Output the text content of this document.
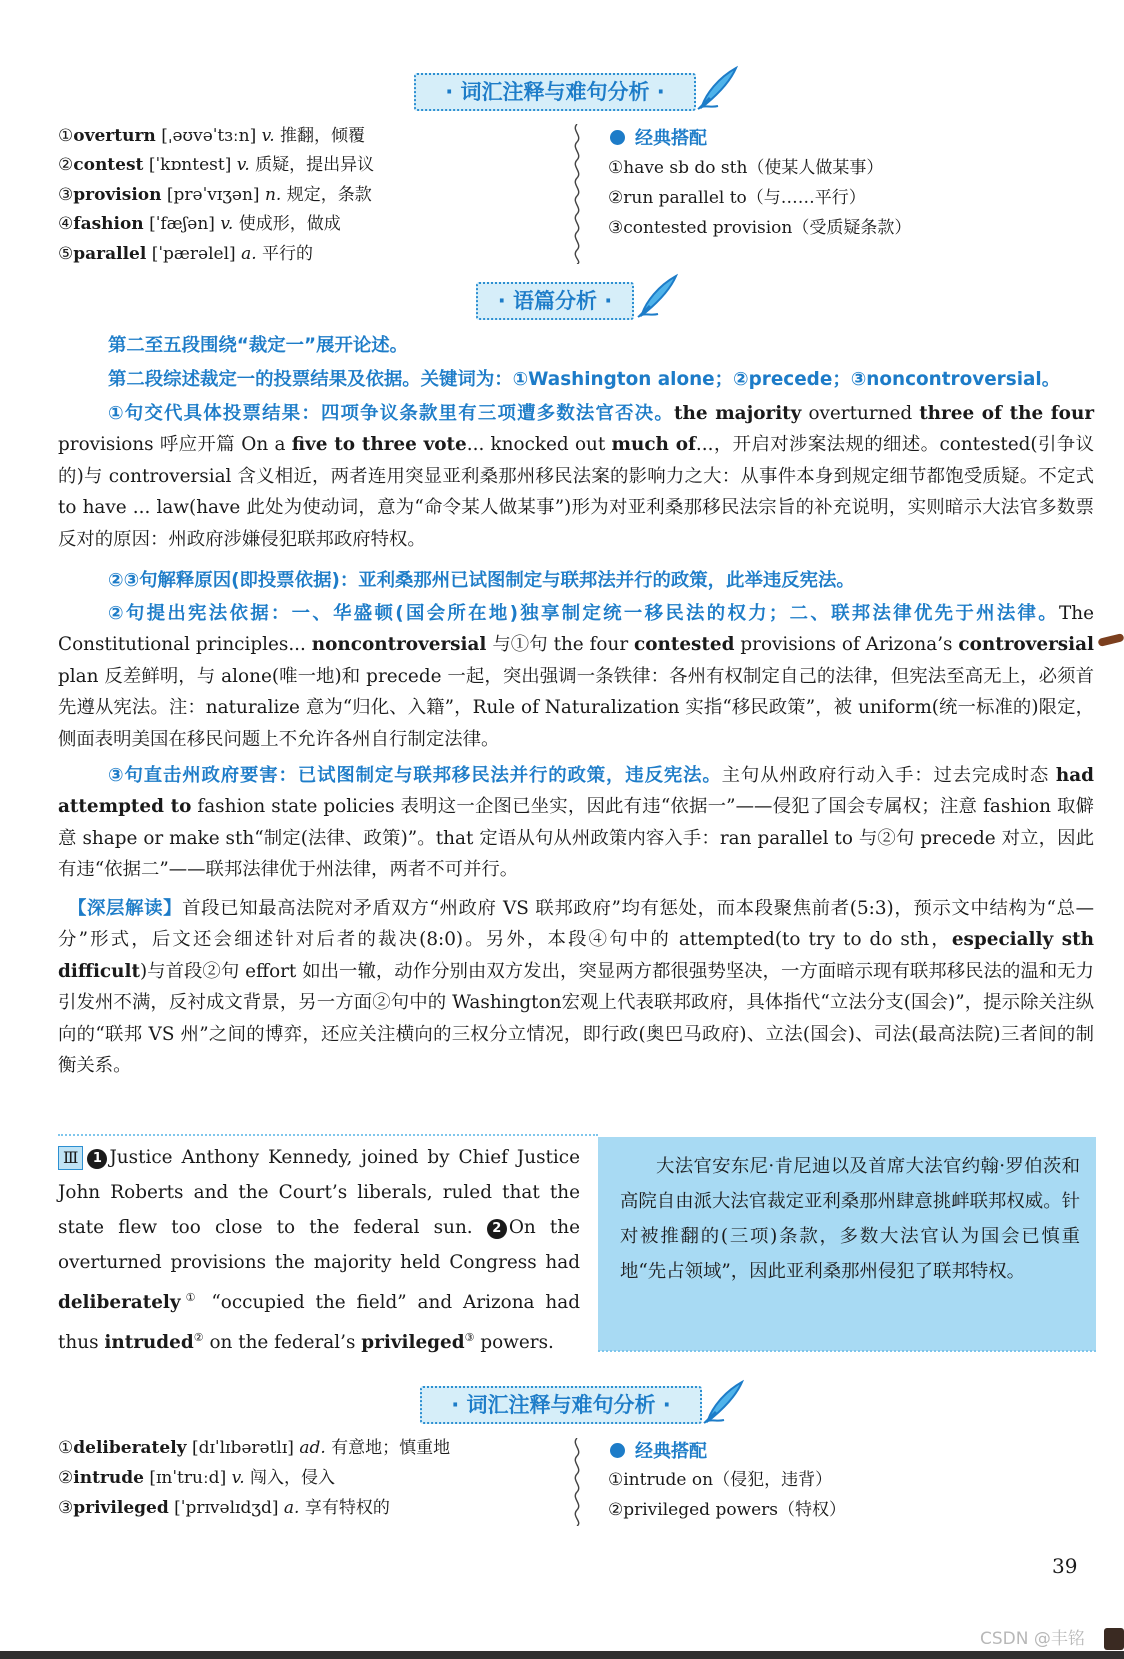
· 词汇注释与难句分析 ·
①overturn [ˌəʊvəˈtɜːn] v. 推翻，倾覆
②contest [ˈkɒntest] v. 质疑，提出异议
③provision [prəˈvɪʒən] n. 规定，条款
④fashion [ˈfæʃən] v. 使成形，做成
⑤parallel [ˈpærəlel] a. 平行的
经典搭配
①have sb do sth（使某人做某事）
②run parallel to（与……平行）
③contested provision（受质疑条款）
· 语篇分析 ·
第二至五段围绕“裁定一”展开论述。
第二段综述裁定一的投票结果及依据。关键词为：①Washington alone；②precede；③noncontroversial。
①句交代具体投票结果：四项争议条款里有三项遭多数法官否决。the majority overturned three of the four provisions 呼应开篇 On a five to three vote... knocked out much of...，开启对涉案法规的细述。contested(引争议的)与 controversial 含义相近，两者连用突显亚利桑那州移民法案的影响力之大：从事件本身到规定细节都饱受质疑。不定式 to have ... law(have 此处为使动词，意为“命令某人做某事”)形为对亚利桑那移民法宗旨的补充说明，实则暗示大法官多数票反对的原因：州政府涉嫌侵犯联邦政府特权。
②③句解释原因(即投票依据)：亚利桑那州已试图制定与联邦法并行的政策，此举违反宪法。
②句提出宪法依据：一、华盛顿(国会所在地)独享制定统一移民法的权力；二、联邦法律优先于州法律。The Constitutional principles... noncontroversial 与①句 the four contested provisions of Arizona’s controversial plan 反差鲜明，与 alone(唯一地)和 precede 一起，突出强调一条铁律：各州有权制定自己的法律，但宪法至高无上，必须首先遵从宪法。注：naturalize 意为“归化、入籍”，Rule of Naturalization 实指“移民政策”，被 uniform(统一标准的)限定，侧面表明美国在移民问题上不允许各州自行制定法律。
③句直击州政府要害：已试图制定与联邦移民法并行的政策，违反宪法。主句从州政府行动入手：过去完成时态 had attempted to fashion state policies 表明这一企图已坐实，因此有违“依据一”——侵犯了国会专属权；注意 fashion 取僻意 shape or make sth“制定(法律、政策)”。that 定语从句从州政策内容入手：ran parallel to 与②句 precede 对立，因此有违“依据二”——联邦法律优于州法律，两者不可并行。
【深层解读】首段已知最高法院对矛盾双方“州政府 VS 联邦政府”均有惩处，而本段聚焦前者(5:3)，预示文中结构为“总—分”形式，后文还会细述针对后者的裁决(8:0)。另外，本段④句中的 attempted(to try to do sth，especially sth difficult)与首段②句 effort 如出一辙，动作分别由双方发出，突显两方都很强势坚决，一方面暗示现有联邦移民法的温和无力引发州不满，反衬成文背景，另一方面②句中的 Washington宏观上代表联邦政府，具体指代“立法分支(国会)”，提示除关注纵向的“联邦 VS 州”之间的博弈，还应关注横向的三权分立情况，即行政(奥巴马政府)、立法(国会)、司法(最高法院)三者间的制衡关系。
Ⅲ 1 Justice Anthony Kennedy, joined by Chief Justice John Roberts and the Court’s liberals, ruled that the state flew too close to the federal sun. 2 On the overturned provisions the majority held Congress had deliberately① “occupied the field” and Arizona had thus intruded② on the federal’s privileged③ powers.
大法官安东尼·肯尼迪以及首席大法官约翰·罗伯茨和高院自由派大法官裁定亚利桑那州肆意挑衅联邦权威。针对被推翻的(三项)条款，多数大法官认为国会已慎重地“先占领域”，因此亚利桑那州侵犯了联邦特权。
· 词汇注释与难句分析 ·
①deliberately [dɪˈlɪbərətlɪ] ad. 有意地；慎重地
②intrude [ɪnˈtruːd] v. 闯入，侵入
③privileged [ˈprɪvəlɪdʒd] a. 享有特权的
经典搭配
①intrude on（侵犯，违背）
②privileged powers（特权）
39
CSDN @丰铭
